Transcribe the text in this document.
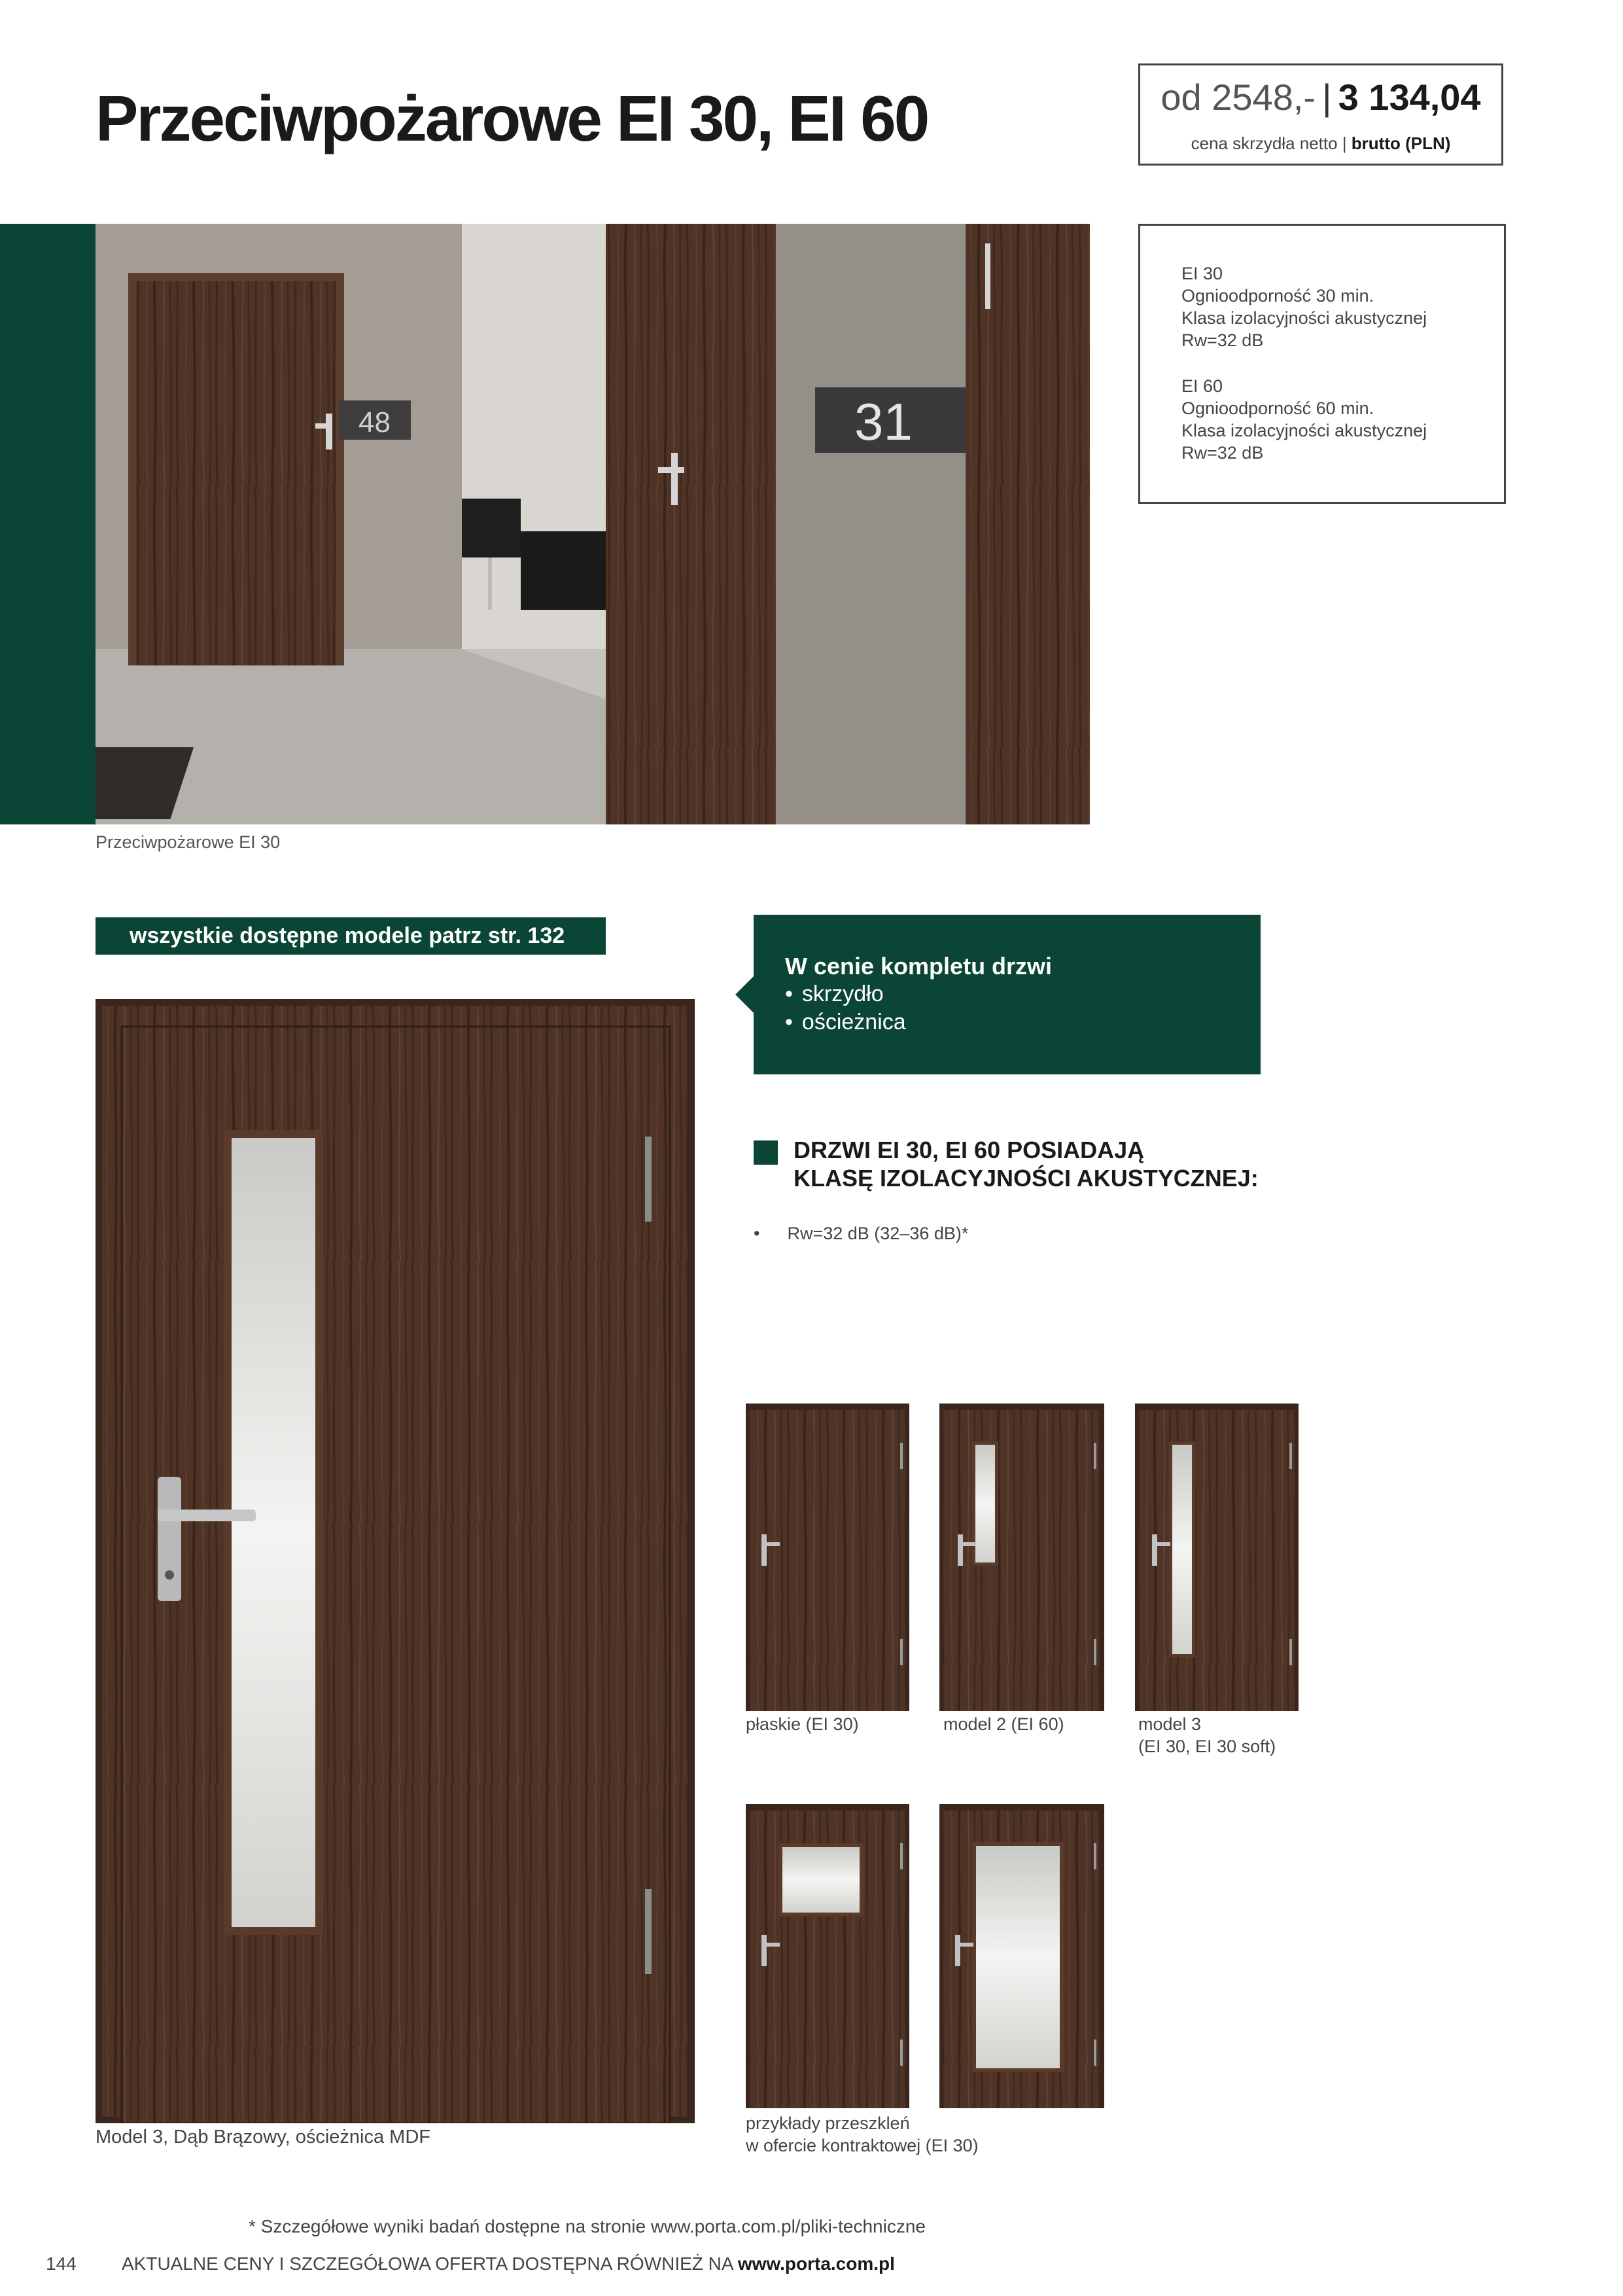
Przeciwpożarowe EI 30, EI 60	od 2548,- | 3 134,04
cena skrzydła netto | brutto (PLN)
48	31
Przeciwpożarowe EI 30
EI 30
Ognioodporność 30 min.
Klasa izolacyjności akustycznej
Rw=32 dB
EI 60
Ognioodporność 60 min.
Klasa izolacyjności akustycznej
Rw=32 dB
wszystkie dostępne modele patrz str. 132
W cenie kompletu drzwi
• skrzydło
• ościeżnica
Model 3, Dąb Brązowy, ościeżnica MDF
DRZWI EI 30, EI 60 POSIADAJĄ
KLASĘ IZOLACYJNOŚCI AKUSTYCZNEJ:
• Rw=32 dB (32–36 dB)*
płaskie (EI 30)	model 2 (EI 60)	model 3
(EI 30, EI 30 soft)
przykłady przeszkleń
w ofercie kontraktowej (EI 30)
* Szczegółowe wyniki badań dostępne na stronie www.porta.com.pl/pliki-techniczne
144 AKTUALNE CENY I SZCZEGÓŁOWA OFERTA DOSTĘPNA RÓWNIEŻ NA www.porta.com.pl
